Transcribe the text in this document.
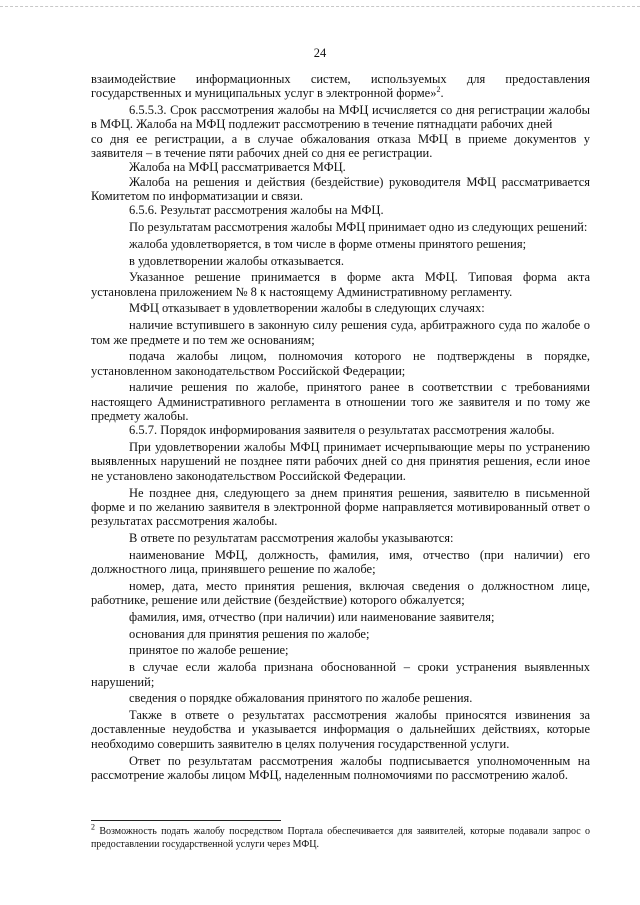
24

взаимодействие информационных систем, используемых для предоставления государственных и муниципальных услуг в электронной форме»$^2$.

6.5.5.3. Срок рассмотрения жалобы на МФЦ исчисляется со дня регистрации жалобы в МФЦ. Жалоба на МФЦ подлежит рассмотрению в течение пятнадцати рабочих дней

со дня ее регистрации, а в случае обжалования отказа МФЦ в приеме документов у заявителя – в течение пяти рабочих дней со дня ее регистрации.

Жалоба на МФЦ рассматривается МФЦ.

Жалоба на решения и действия (бездействие) руководителя МФЦ рассматривается Комитетом по информатизации и связи.

6.5.6. Результат рассмотрения жалобы на МФЦ.

По результатам рассмотрения жалобы МФЦ принимает одно из следующих решений:

жалоба удовлетворяется, в том числе в форме отмены принятого решения;

в удовлетворении жалобы отказывается.

Указанное решение принимается в форме акта МФЦ. Типовая форма акта установлена приложением № 8 к настоящему Административному регламенту.

МФЦ отказывает в удовлетворении жалобы в следующих случаях:

наличие вступившего в законную силу решения суда, арбитражного суда по жалобе о том же предмете и по тем же основаниям;

подача жалобы лицом, полномочия которого не подтверждены в порядке, установленном законодательством Российской Федерации;

наличие решения по жалобе, принятого ранее в соответствии с требованиями настоящего Административного регламента в отношении того же заявителя и по тому же предмету жалобы.

6.5.7. Порядок информирования заявителя о результатах рассмотрения жалобы.

При удовлетворении жалобы МФЦ принимает исчерпывающие меры по устранению выявленных нарушений не позднее пяти рабочих дней со дня принятия решения, если иное не установлено законодательством Российской Федерации.

Не позднее дня, следующего за днем принятия решения, заявителю в письменной форме и по желанию заявителя в электронной форме направляется мотивированный ответ о результатах рассмотрения жалобы.

В ответе по результатам рассмотрения жалобы указываются:

наименование МФЦ, должность, фамилия, имя, отчество (при наличии) его должностного лица, принявшего решение по жалобе;

номер, дата, место принятия решения, включая сведения о должностном лице, работнике, решение или действие (бездействие) которого обжалуется;

фамилия, имя, отчество (при наличии) или наименование заявителя;

основания для принятия решения по жалобе;

принятое по жалобе решение;

в случае если жалоба признана обоснованной – сроки устранения выявленных нарушений;

сведения о порядке обжалования принятого по жалобе решения.

Также в ответе о результатах рассмотрения жалобы приносятся извинения за доставленные неудобства и указывается информация о дальнейших действиях, которые необходимо совершить заявителю в целях получения государственной услуги.

Ответ по результатам рассмотрения жалобы подписывается уполномоченным на рассмотрение жалобы лицом МФЦ, наделенным полномочиями по рассмотрению жалоб.

$^2$ Возможность подать жалобу посредством Портала обеспечивается для заявителей, которые подавали запрос о предоставлении государственной услуги через МФЦ.
